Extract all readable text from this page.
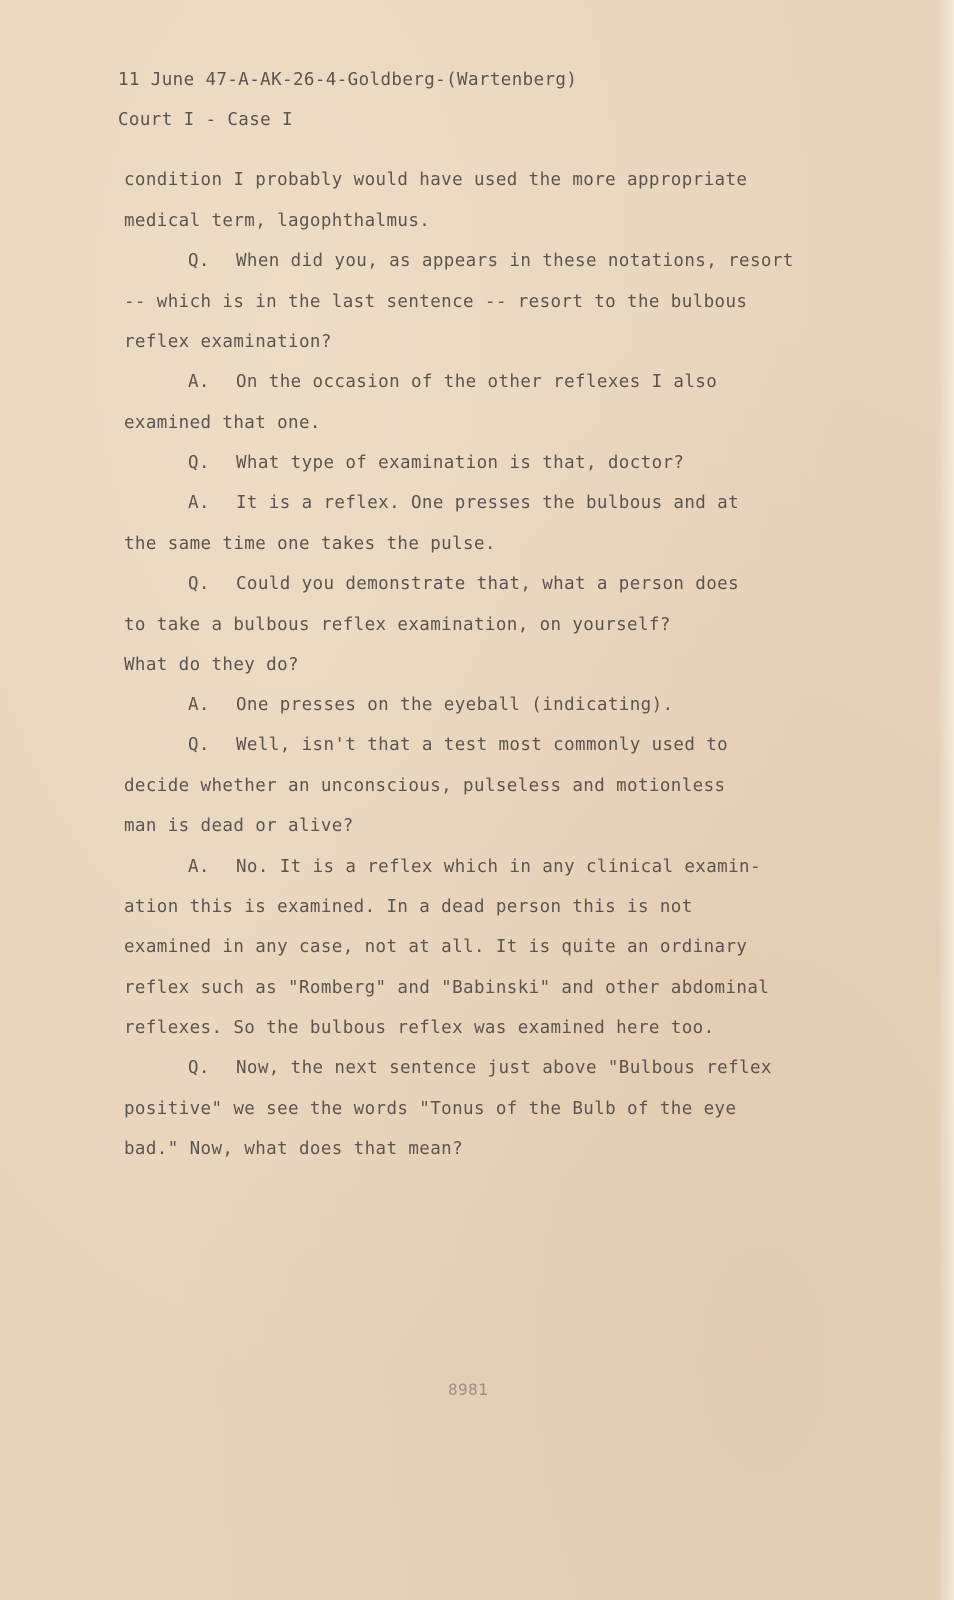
11 June 47-A-AK-26-4-Goldberg-(Wartenberg)
Court I - Case I
condition I probably would have used the more appropriate
medical term, lagophthalmus.
Q. When did you, as appears in these notations, resort
-- which is in the last sentence -- resort to the bulbous
reflex examination?
A. On the occasion of the other reflexes I also
examined that one.
Q. What type of examination is that, doctor?
A. It is a reflex. One presses the bulbous and at
the same time one takes the pulse.
Q. Could you demonstrate that, what a person does
to take a bulbous reflex examination, on yourself?
What do they do?
A. One presses on the eyeball (indicating).
Q. Well, isn't that a test most commonly used to
decide whether an unconscious, pulseless and motionless
man is dead or alive?
A. No. It is a reflex which in any clinical examin-
ation this is examined. In a dead person this is not
examined in any case, not at all. It is quite an ordinary
reflex such as "Romberg" and "Babinski" and other abdominal
reflexes. So the bulbous reflex was examined here too.
Q. Now, the next sentence just above "Bulbous reflex
positive" we see the words "Tonus of the Bulb of the eye
bad." Now, what does that mean?
8981
